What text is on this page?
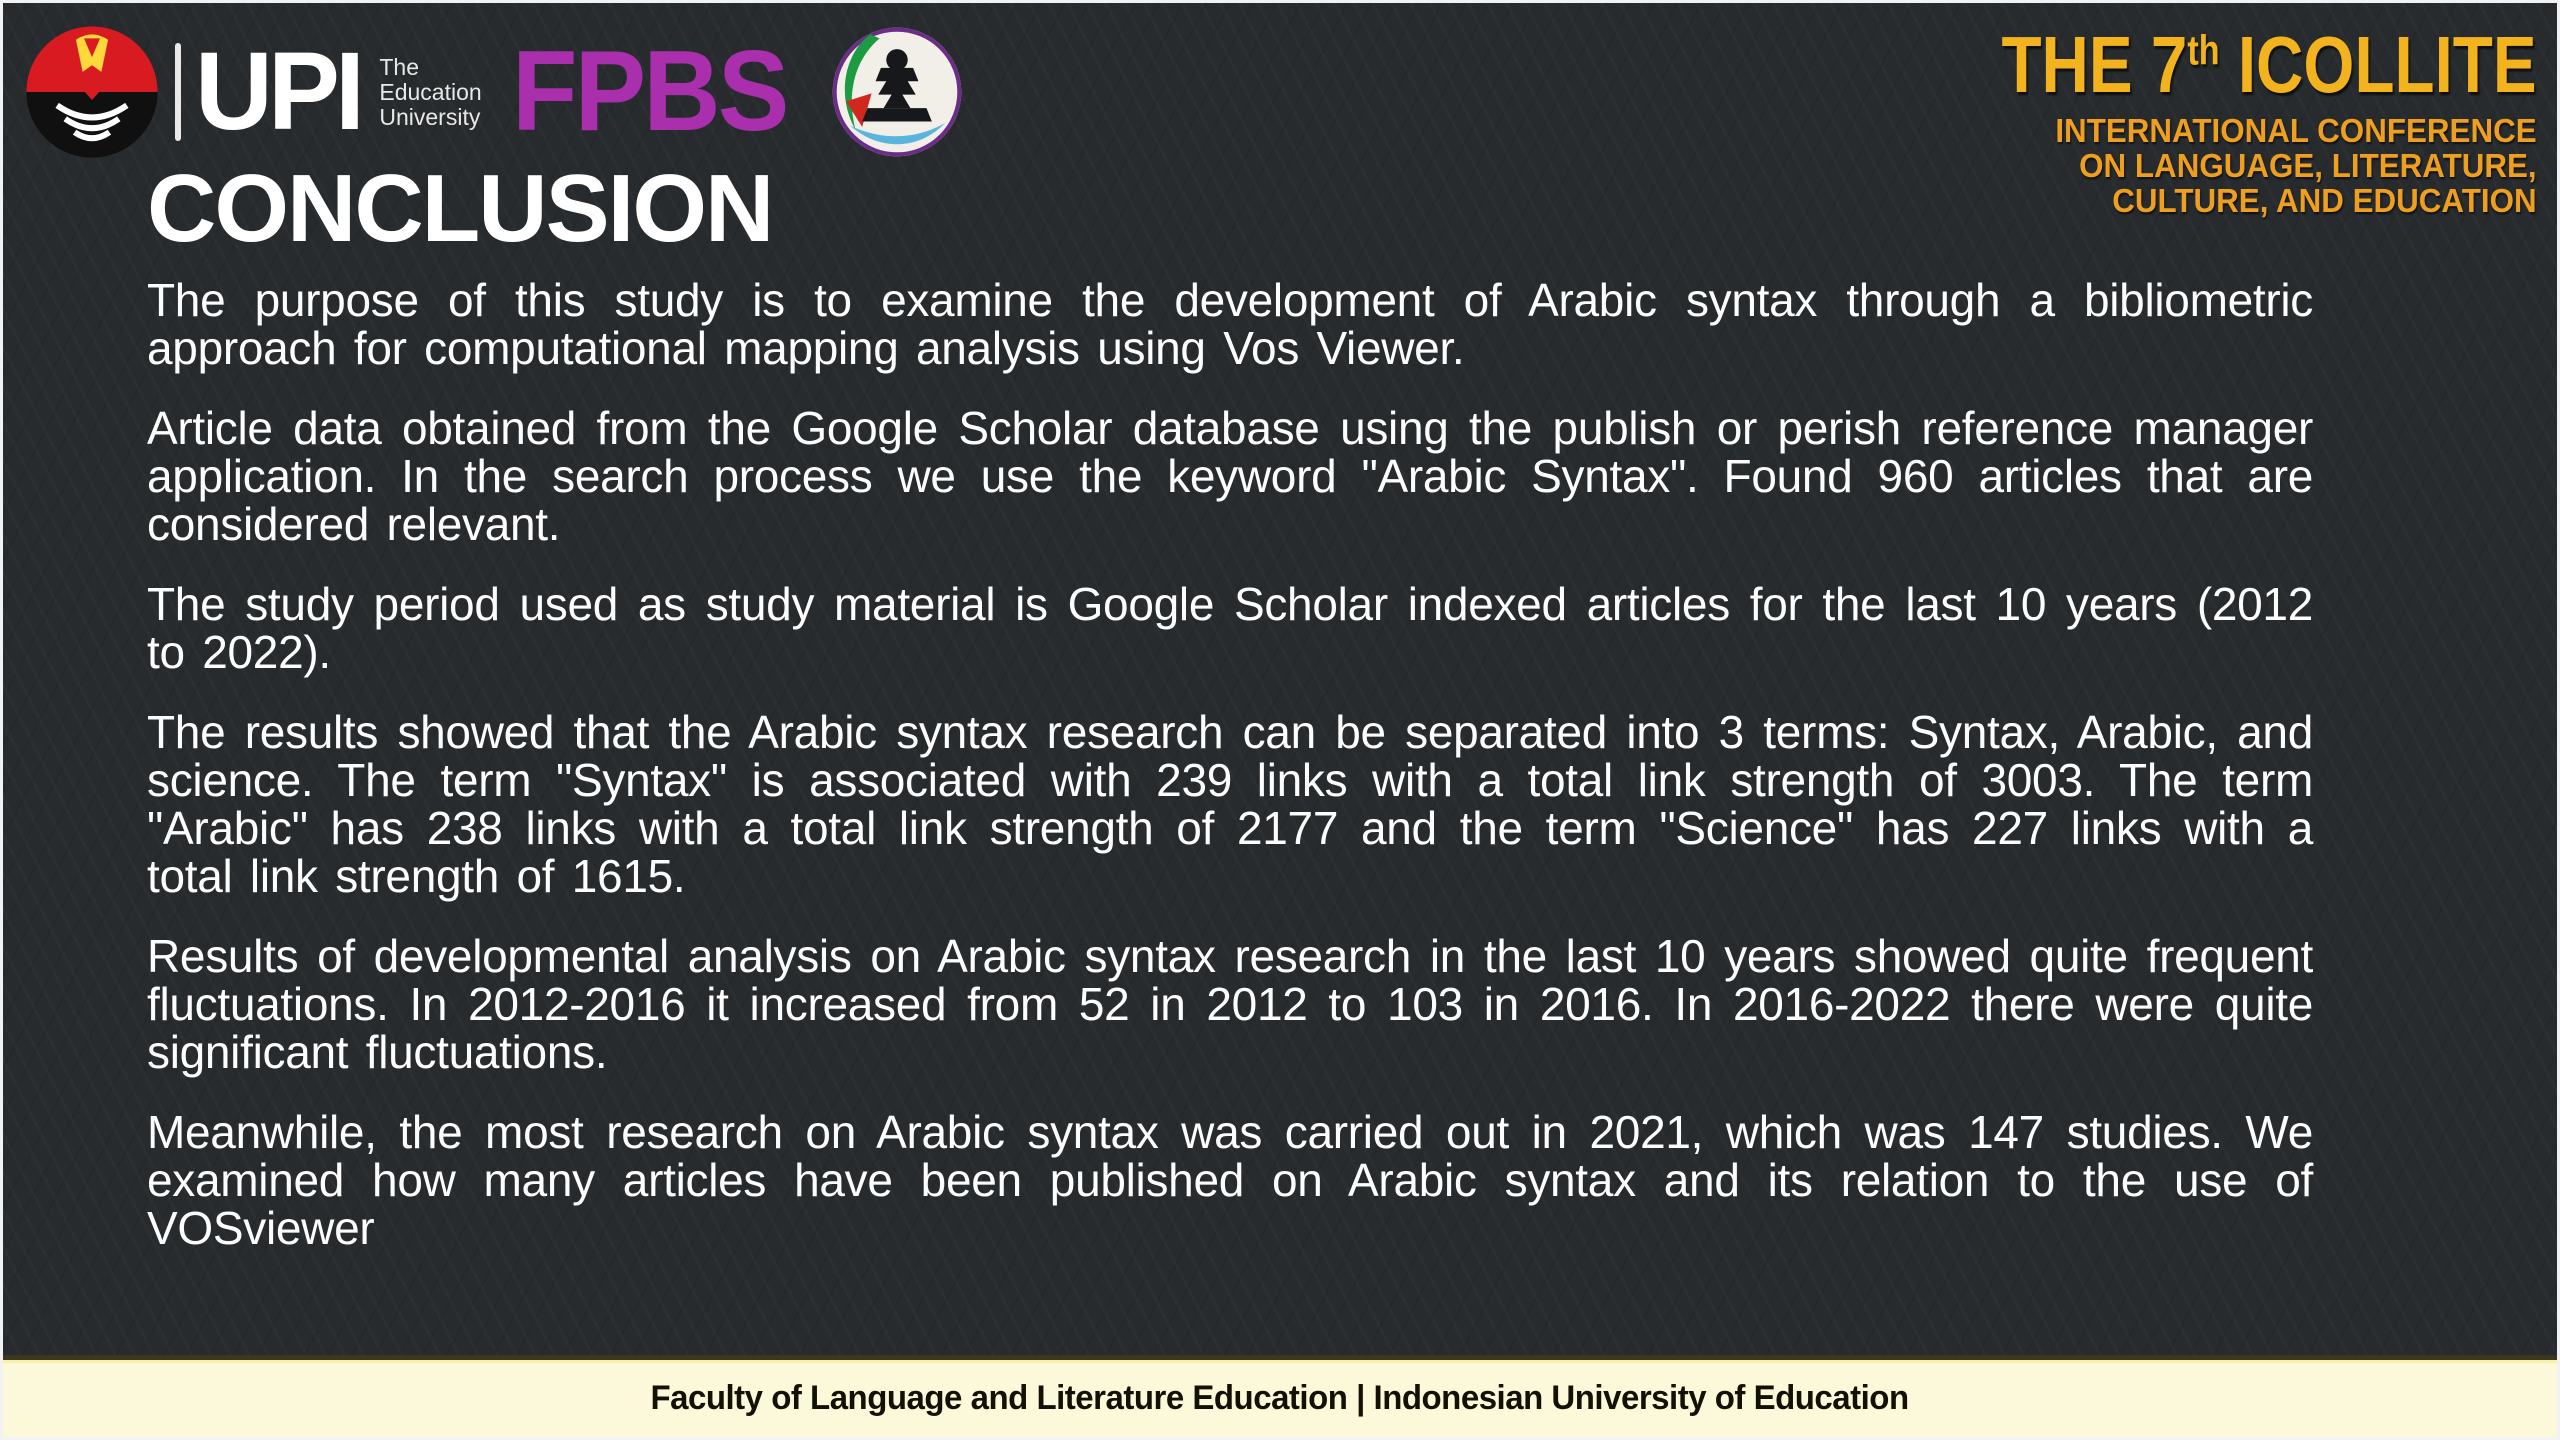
UPI The
Education
University FPBS	THE 7th ICOLLITE
INTERNATIONAL CONFERENCE
ON LANGUAGE, LITERATURE,
CULTURE, AND EDUCATION
CONCLUSION

The purpose of this study is to examine the development of Arabic syntax through a bibliometric approach for computational mapping analysis using Vos Viewer.

Article data obtained from the Google Scholar database using the publish or perish reference manager application. In the search process we use the keyword "Arabic Syntax". Found 960 articles that are considered relevant.

The study period used as study material is Google Scholar indexed articles for the last 10 years (2012 to 2022).

The results showed that the Arabic syntax research can be separated into 3 terms: Syntax, Arabic, and science. The term "Syntax" is associated with 239 links with a total link strength of 3003. The term "Arabic" has 238 links with a total link strength of 2177 and the term "Science" has 227 links with a total link strength of 1615.

Results of developmental analysis on Arabic syntax research in the last 10 years showed quite frequent fluctuations. In 2012-2016 it increased from 52 in 2012 to 103 in 2016. In 2016-2022 there were quite significant fluctuations.

Meanwhile, the most research on Arabic syntax was carried out in 2021, which was 147 studies. We examined how many articles have been published on Arabic syntax and its relation to the use of VOSviewer

Faculty of Language and Literature Education | Indonesian University of Education
